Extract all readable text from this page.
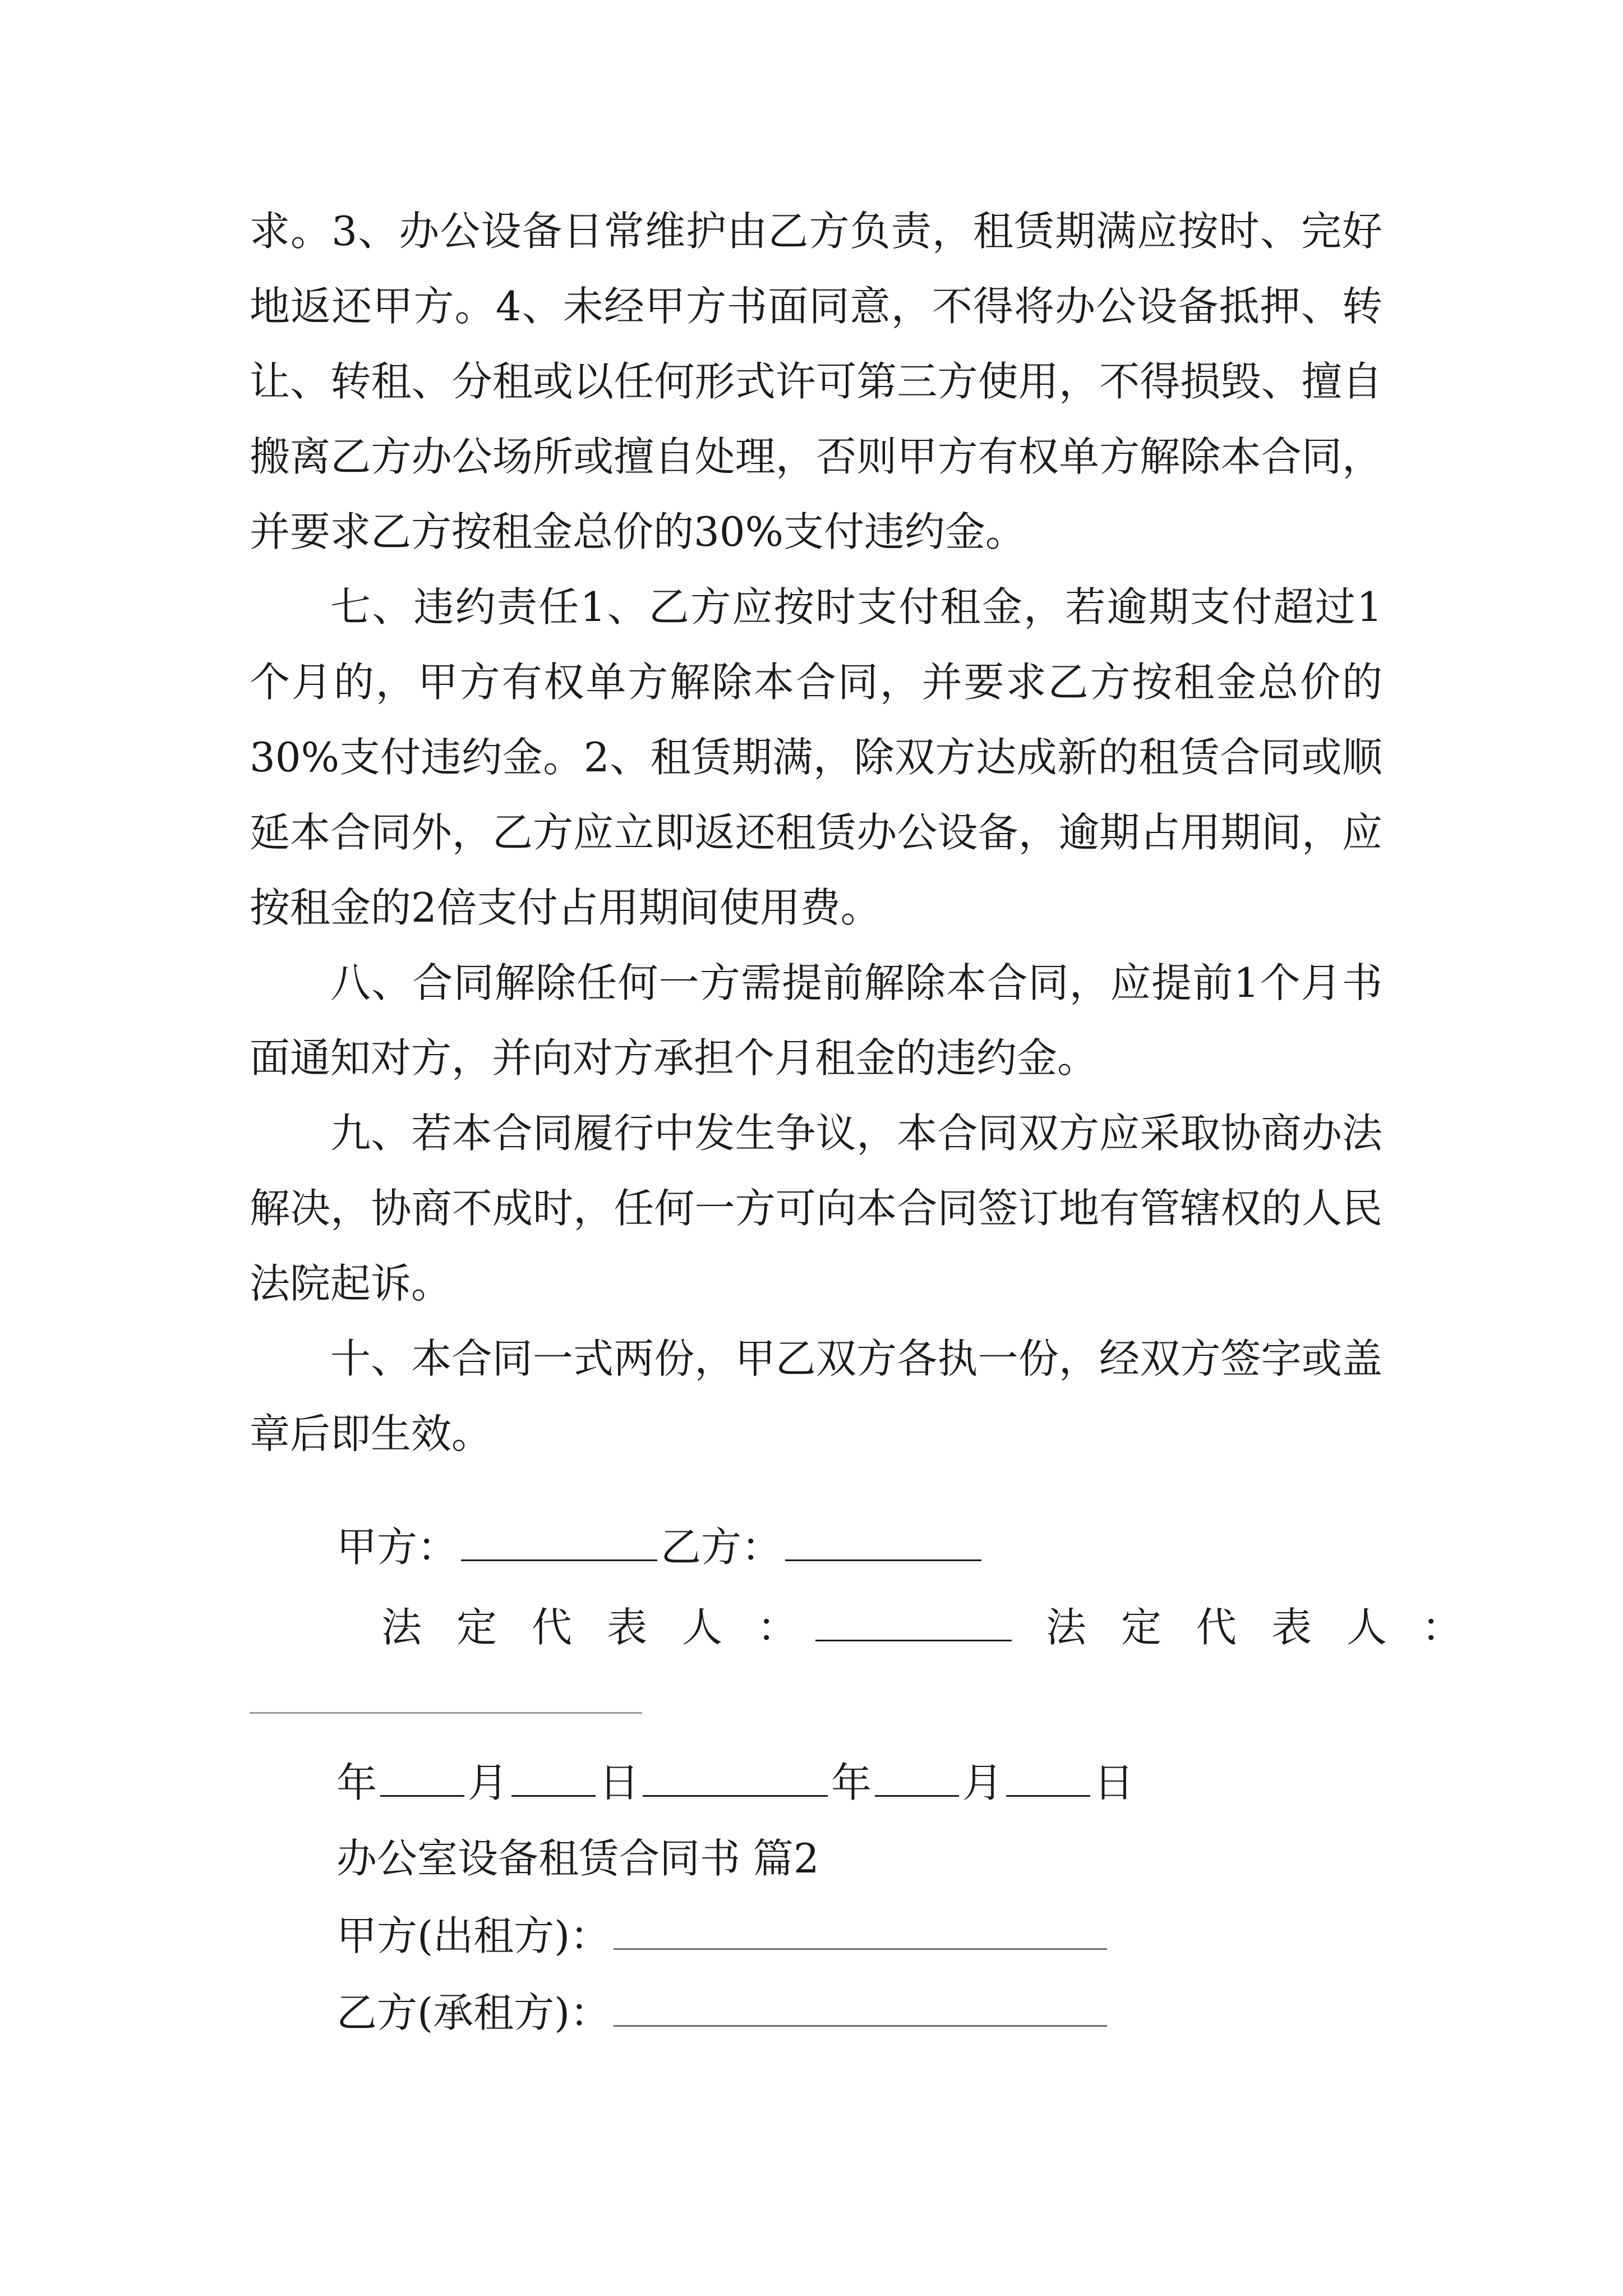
求。3、办公设备日常维护由乙方负责，租赁期满应按时、完好地返还甲方。4、未经甲方书面同意，不得将办公设备抵押、转让、转租、分租或以任何形式许可第三方使用，不得损毁、擅自搬离乙方办公场所或擅自处理，否则甲方有权单方解除本合同，并要求乙方按租金总价的30%支付违约金。

七、违约责任1、乙方应按时支付租金，若逾期支付超过1个月的，甲方有权单方解除本合同，并要求乙方按租金总价的30%支付违约金。2、租赁期满，除双方达成新的租赁合同或顺延本合同外，乙方应立即返还租赁办公设备，逾期占用期间，应按租金的2倍支付占用期间使用费。

八、合同解除任何一方需提前解除本合同，应提前1个月书面通知对方，并向对方承担个月租金的违约金。

九、若本合同履行中发生争议，本合同双方应采取协商办法解决，协商不成时，任何一方可向本合同签订地有管辖权的人民法院起诉。

十、本合同一式两份，甲乙双方各执一份，经双方签字或盖章后即生效。

甲方：	乙方：
法定代表人：	法定代表人：
年 月 日	年 月 日
办公室设备租赁合同书 篇2
甲方(出租方)：
乙方(承租方)：
